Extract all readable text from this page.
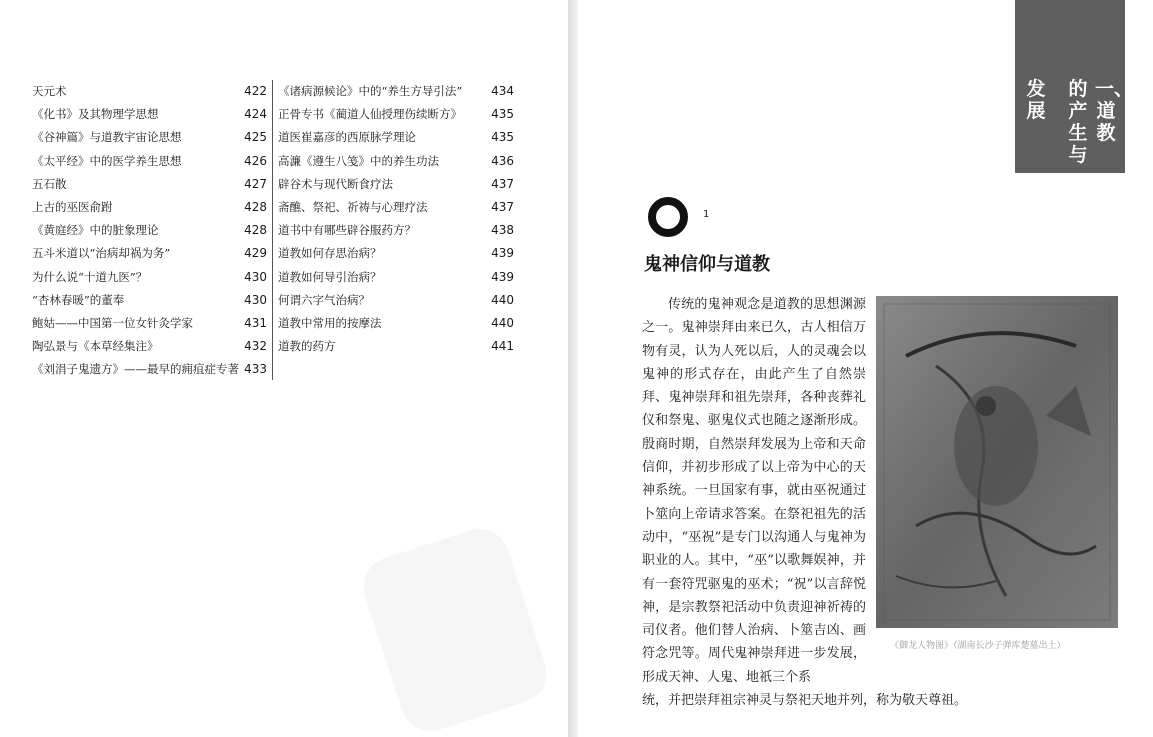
天元术	422
《化书》及其物理学思想	424
《谷神篇》与道教宇宙论思想	425
《太平经》中的医学养生思想	426
五石散	427
上古的巫医俞跗	428
《黄庭经》中的脏象理论	428
五斗米道以“治病却祸为务”	429
为什么说“十道九医”？	430
“杏林春暖”的董奉	430
鲍姑——中国第一位女针灸学家	431
陶弘景与《本草经集注》	432
《刘涓子鬼遗方》——最早的痈疽症专著 433
《诸病源候论》中的“养生方导引法” 434
正骨专书《蔺道人仙授理伤续断方》 435
道医崔嘉彦的西原脉学理论	435
高濂《遵生八笺》中的养生功法	436
辟谷术与现代断食疗法	437
斋醮、祭祀、祈祷与心理疗法	437
道书中有哪些辟谷服药方？	438
道教如何存思治病？	439
道教如何导引治病？	439
何谓六字气治病？	440
道教中常用的按摩法	440
道教的药方	441
一、道教
的产生与
发展
1
鬼神信仰与道教

传统的鬼神观念是道教的思想渊源之一。鬼神崇拜由来已久，古人相信万物有灵，认为人死以后，人的灵魂会以鬼神的形式存在，由此产生了自然崇拜、鬼神崇拜和祖先崇拜，各种丧葬礼仪和祭鬼、驱鬼仪式也随之逐渐形成。殷商时期，自然崇拜发展为上帝和天命信仰，并初步形成了以上帝为中心的天神系统。一旦国家有事，就由巫祝通过卜筮向上帝请求答案。在祭祀祖先的活动中，“巫祝”是专门以沟通人与鬼神为职业的人。其中，“巫”以歌舞娱神，并有一套符咒驱鬼的巫术；“祝”以言辞悦神，是宗教祭祀活动中负责迎神祈祷的司仪者。他们替人治病、卜筮吉凶、画符念咒等。周代鬼神崇拜进一步发展，形成天神、人鬼、地祇三个系

统，并把崇拜祖宗神灵与祭祀天地并列，称为敬天尊祖。
《御龙人物图》（湖南长沙子弹库楚墓出土）
